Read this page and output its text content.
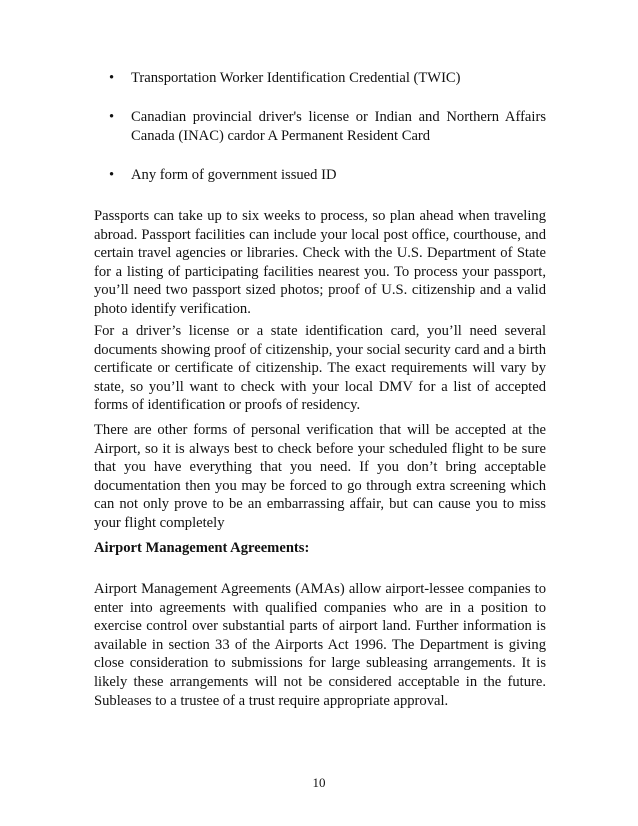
• Transportation Worker Identification Credential (TWIC)
• Canadian provincial driver's license or Indian and Northern Affairs Canada (INAC) cardor A Permanent Resident Card
• Any form of government issued ID

Passports can take up to six weeks to process, so plan ahead when traveling abroad. Passport facilities can include your local post office, courthouse, and certain travel agencies or libraries. Check with the U.S. Department of State for a listing of participating facilities nearest you. To process your passport, you’ll need two passport sized photos; proof of U.S. citizenship and a valid photo identify verification.

For a driver’s license or a state identification card, you’ll need several documents showing proof of citizenship, your social security card and a birth certificate or certificate of citizenship. The exact requirements will vary by state, so you’ll want to check with your local DMV for a list of accepted forms of identification or proofs of residency.

There are other forms of personal verification that will be accepted at the Airport, so it is always best to check before your scheduled flight to be sure that you have everything that you need. If you don’t bring acceptable documentation then you may be forced to go through extra screening which can not only prove to be an embarrassing affair, but can cause you to miss your flight completely

Airport Management Agreements:

Airport Management Agreements (AMAs) allow airport-lessee companies to enter into agreements with qualified companies who are in a position to exercise control over substantial parts of airport land. Further information is available in section 33 of the Airports Act 1996. The Department is giving close consideration to submissions for large subleasing arrangements. It is likely these arrangements will not be considered acceptable in the future. Subleases to a trustee of a trust require appropriate approval.

10
